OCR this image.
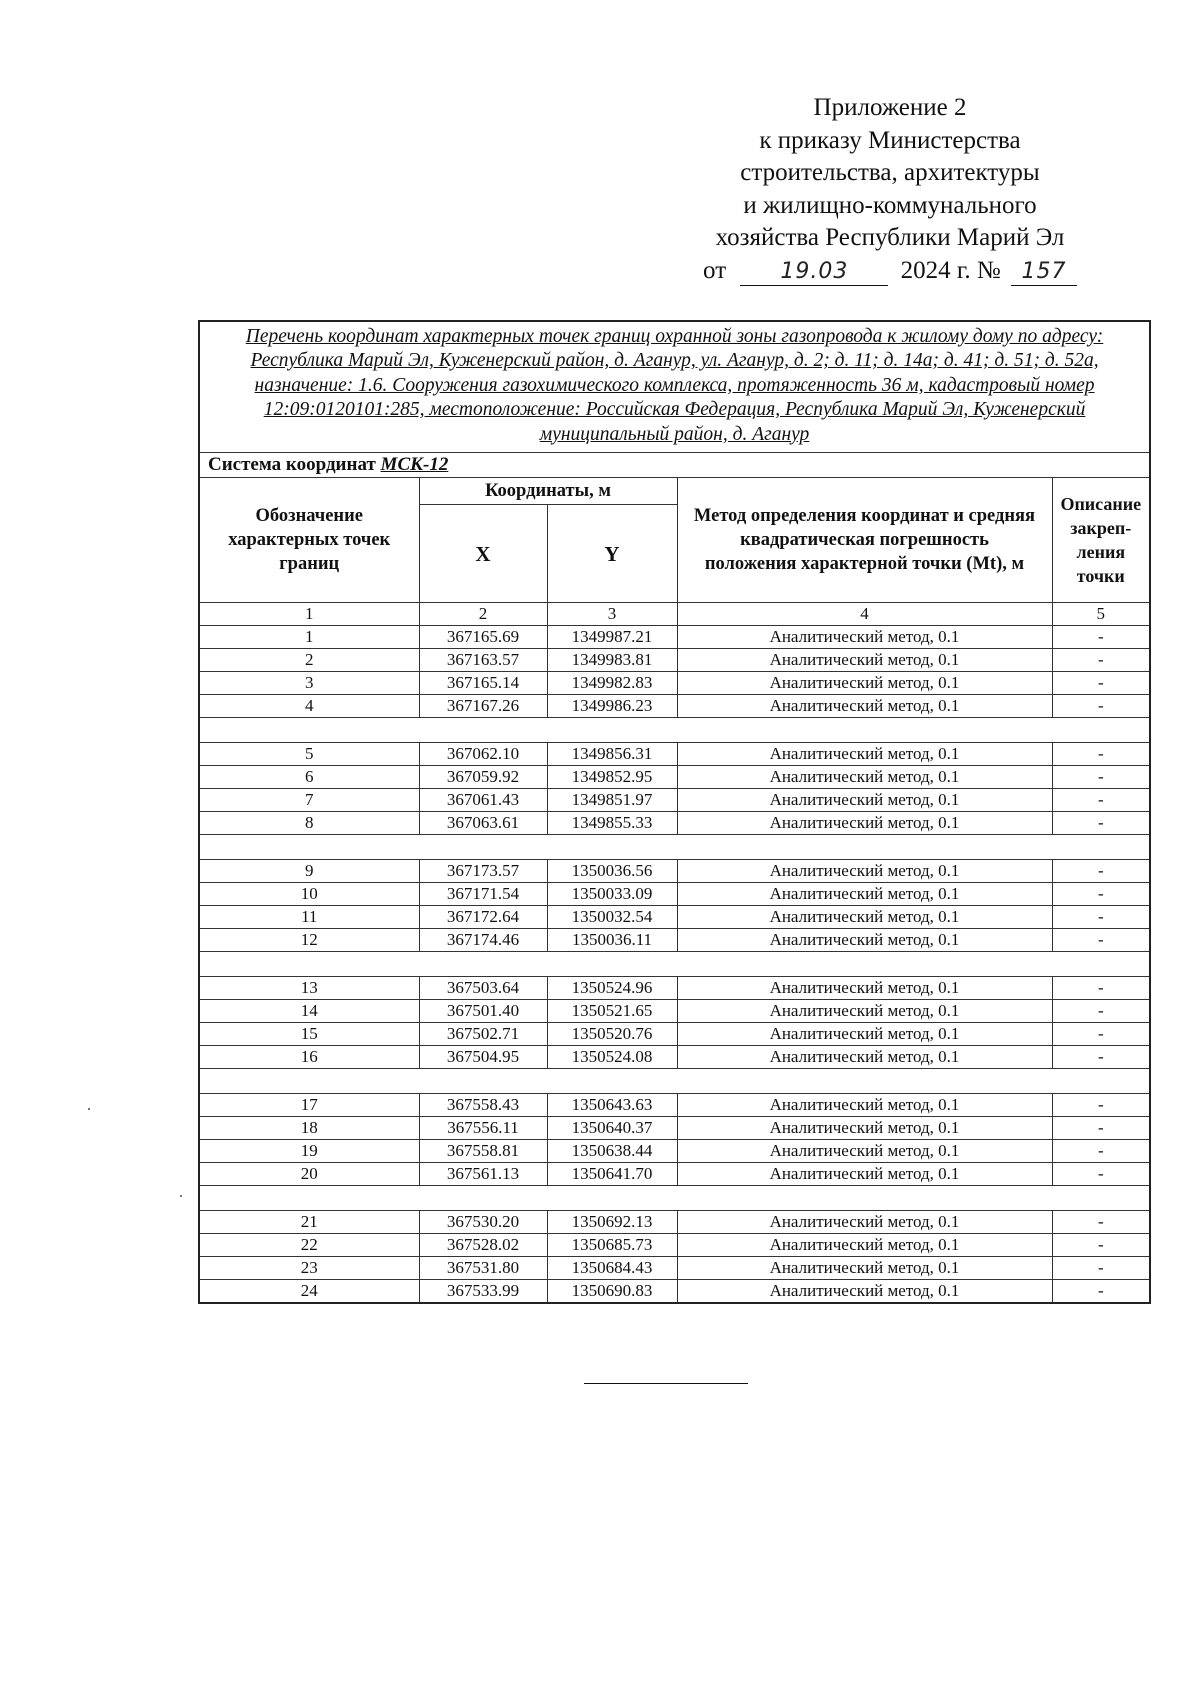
Приложение 2
к приказу Министерства
строительства, архитектуры
и жилищно-коммунального
хозяйства Республики Марий Эл
от 19.03 2024 г. № 157
Перечень координат характерных точек границ охранной зоны газопровода к жилому дому по адресу: Республика Марий Эл, Куженерский район, д. Аганур, ул. Аганур, д. 2; д. 11; д. 14а; д. 41; д. 51; д. 52а, назначение: 1.6. Сооружения газохимического комплекса, протяженность 36 м, кадастровый номер 12:09:0120101:285, местоположение: Российская Федерация, Республика Марий Эл, Куженерский муниципальный район, д. Аганур				
Система координат МСК-12				
Обозначение характерных точек границ	Координаты, м		Метод определения координат и средняя квадратическая погрешность положения характерной точки (Mt), м	Описание закрепления точки
	X	Y		
1	2	3	4	5
1	367165.69	1349987.21	Аналитический метод, 0.1	-
2	367163.57	1349983.81	Аналитический метод, 0.1	-
3	367165.14	1349982.83	Аналитический метод, 0.1	-
4	367167.26	1349986.23	Аналитический метод, 0.1	-

5	367062.10	1349856.31	Аналитический метод, 0.1	-
6	367059.92	1349852.95	Аналитический метод, 0.1	-
7	367061.43	1349851.97	Аналитический метод, 0.1	-
8	367063.61	1349855.33	Аналитический метод, 0.1	-

9	367173.57	1350036.56	Аналитический метод, 0.1	-
10	367171.54	1350033.09	Аналитический метод, 0.1	-
11	367172.64	1350032.54	Аналитический метод, 0.1	-
12	367174.46	1350036.11	Аналитический метод, 0.1	-

13	367503.64	1350524.96	Аналитический метод, 0.1	-
14	367501.40	1350521.65	Аналитический метод, 0.1	-
15	367502.71	1350520.76	Аналитический метод, 0.1	-
16	367504.95	1350524.08	Аналитический метод, 0.1	-

17	367558.43	1350643.63	Аналитический метод, 0.1	-
18	367556.11	1350640.37	Аналитический метод, 0.1	-
19	367558.81	1350638.44	Аналитический метод, 0.1	-
20	367561.13	1350641.70	Аналитический метод, 0.1	-

21	367530.20	1350692.13	Аналитический метод, 0.1	-
22	367528.02	1350685.73	Аналитический метод, 0.1	-
23	367531.80	1350684.43	Аналитический метод, 0.1	-
24	367533.99	1350690.83	Аналитический метод, 0.1	-
